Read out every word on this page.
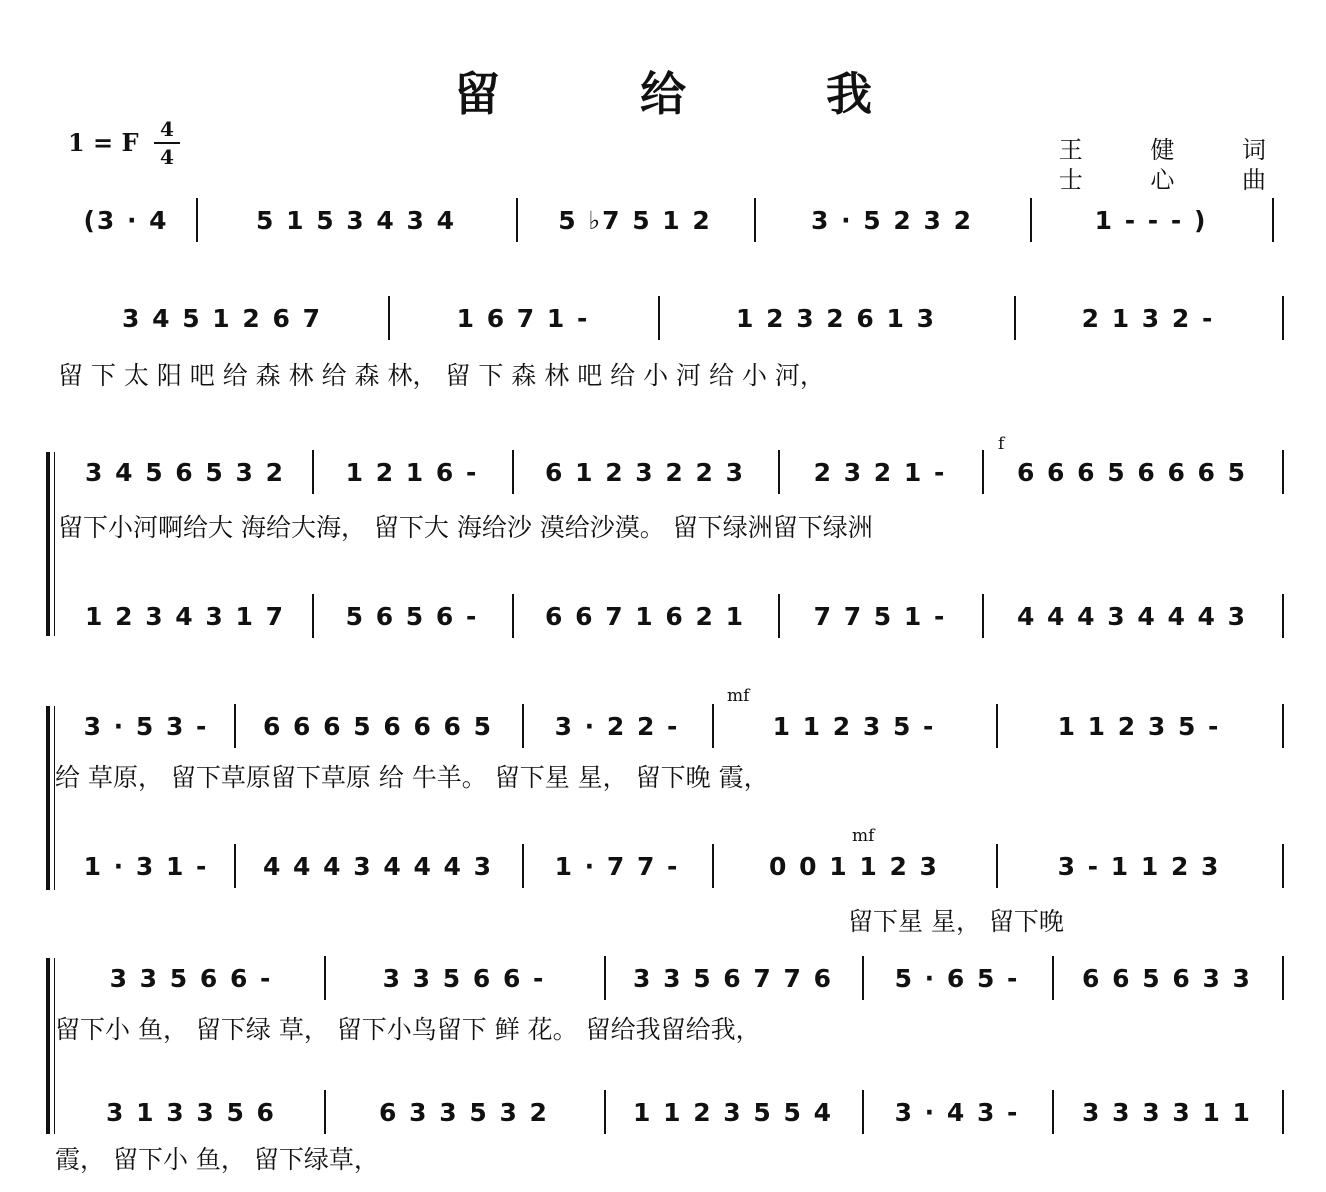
留 给 我
1 = F	4
4	王 健 词
士 心 曲
(3 · 4	5 1 5 3 4 3 4	5 ♭7 5 1 2	3 · 5 2 3 2	1 - - - )
3 4 5 1 2 6 7	1 6 7 1 -	1 2 3 2 6 1 3	2 1 3 2 -
3 4 5 6 5 3 2	1 2 1 6 -	6 1 2 3 2 2 3	2 3 2 1 -	6 6 6 5 6 6 6 5
1 2 3 4 3 1 7	5 6 5 6 -	6 6 7 1 6 2 1	7 7 5 1 -	4 4 4 3 4 4 4 3
3 · 5 3 -	6 6 6 5 6 6 6 5	3 · 2 2 -	1 1 2 3 5 -	1 1 2 3 5 -
1 · 3 1 -	4 4 4 3 4 4 4 3	1 · 7 7 -	0 0 1 1 2 3	3 - 1 1 2 3
3 3 5 6 6 -	3 3 5 6 6 -	3 3 5 6 7 7 6	5 · 6 5 -	6 6 5 6 3 3
3 1 3 3 5 6	6 3 3 5 3 2	1 1 2 3 5 5 4	3 · 4 3 -	3 3 3 3 1 1
留 下 太 阳 吧 给 森 林 给 森 林， 留 下 森 林 吧 给 小 河 给 小 河，
留下小河啊给大 海给大海， 留下大 海给沙 漠给沙漠。 留下绿洲留下绿洲
给 草原， 留下草原留下草原 给 牛羊。 留下星 星， 留下晚 霞，
留下星 星， 留下晚
留下小 鱼， 留下绿 草， 留下小鸟留下 鲜 花。 留给我留给我，
霞， 留下小 鱼， 留下绿草，
f
mf
mf
